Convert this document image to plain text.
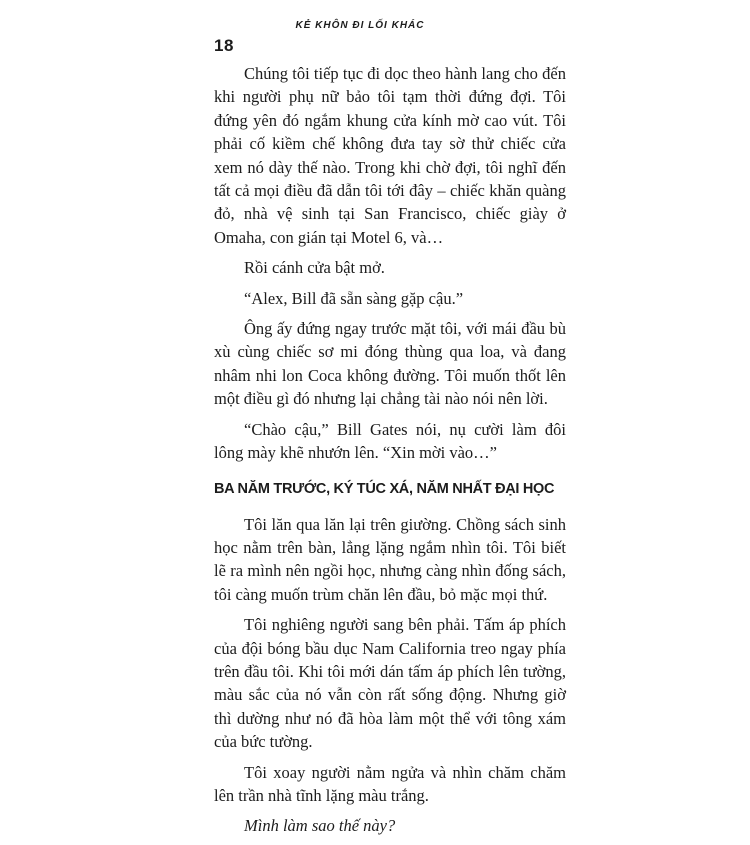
KẺ KHÔN ĐI LỐI KHÁC
18

Chúng tôi tiếp tục đi dọc theo hành lang cho đến khi người phụ nữ bảo tôi tạm thời đứng đợi. Tôi đứng yên đó ngắm khung cửa kính mờ cao vút. Tôi phải cố kiềm chế không đưa tay sờ thử chiếc cửa xem nó dày thế nào. Trong khi chờ đợi, tôi nghĩ đến tất cả mọi điều đã dẫn tôi tới đây – chiếc khăn quàng đỏ, nhà vệ sinh tại San Francisco, chiếc giày ở Omaha, con gián tại Motel 6, và…

Rồi cánh cửa bật mở.

“Alex, Bill đã sẵn sàng gặp cậu.”

Ông ấy đứng ngay trước mặt tôi, với mái đầu bù xù cùng chiếc sơ mi đóng thùng qua loa, và đang nhâm nhi lon Coca không đường. Tôi muốn thốt lên một điều gì đó nhưng lại chẳng tài nào nói nên lời.

“Chào cậu,” Bill Gates nói, nụ cười làm đôi lông mày khẽ nhướn lên. “Xin mời vào…”

BA NĂM TRƯỚC, KÝ TÚC XÁ, NĂM NHẤT ĐẠI HỌC

Tôi lăn qua lăn lại trên giường. Chồng sách sinh học nằm trên bàn, lẳng lặng ngắm nhìn tôi. Tôi biết lẽ ra mình nên ngồi học, nhưng càng nhìn đống sách, tôi càng muốn trùm chăn lên đầu, bỏ mặc mọi thứ.

Tôi nghiêng người sang bên phải. Tấm áp phích của đội bóng bầu dục Nam California treo ngay phía trên đầu tôi. Khi tôi mới dán tấm áp phích lên tường, màu sắc của nó vẫn còn rất sống động. Nhưng giờ thì dường như nó đã hòa làm một thể với tông xám của bức tường.

Tôi xoay người nằm ngửa và nhìn chăm chăm lên trần nhà tĩnh lặng màu trắng.

Mình làm sao thế này?
